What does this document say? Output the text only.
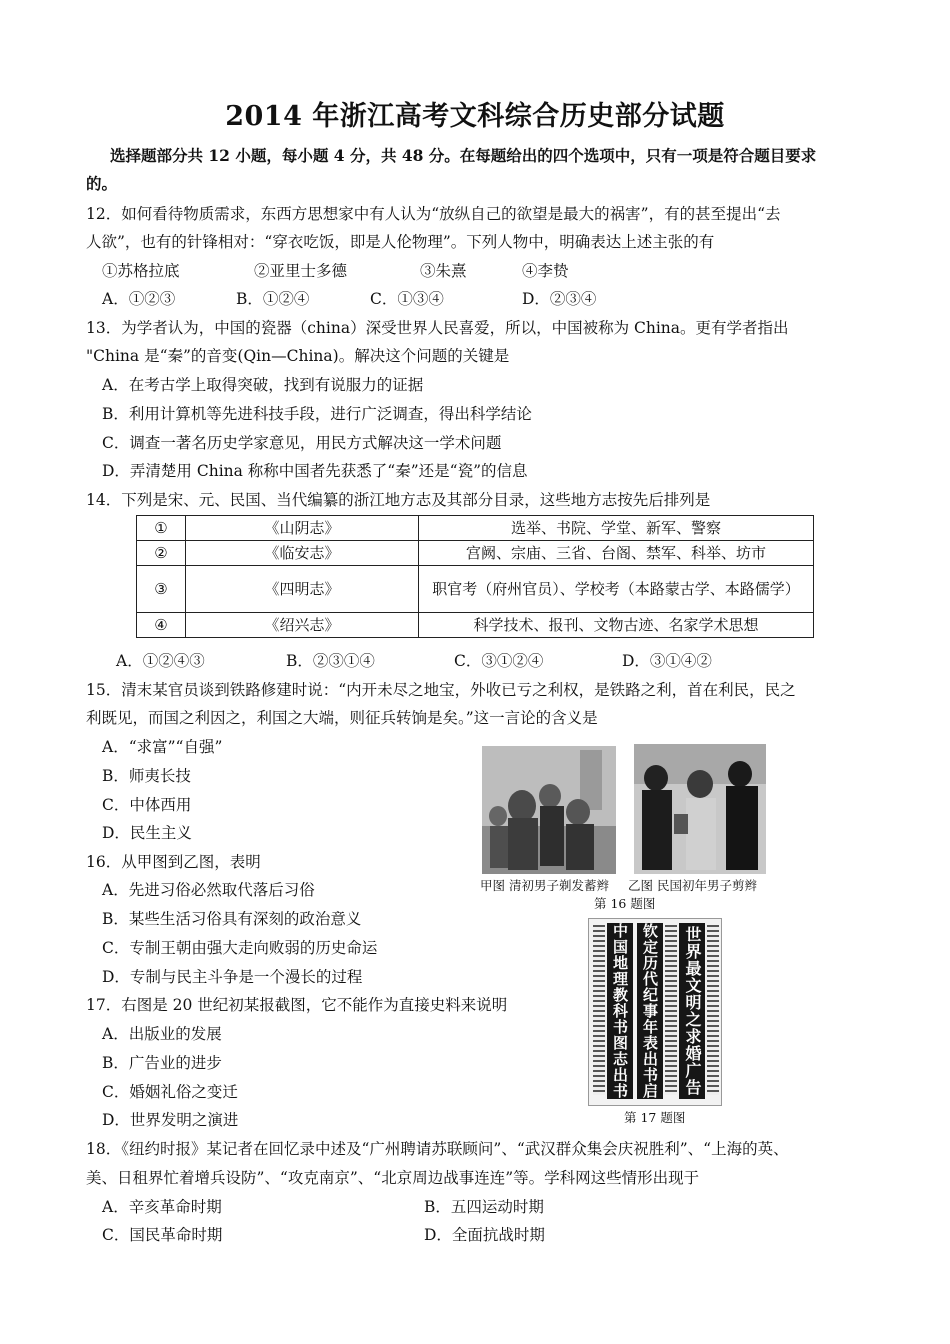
2014 年浙江高考文科综合历史部分试题
选择题部分共 12 小题，每小题 4 分，共 48 分。在每题给出的四个选项中，只有一项是符合题目要求
的。
12．如何看待物质需求，东西方思想家中有人认为“放纵自己的欲望是最大的祸害”，有的甚至提出“去
人欲”，也有的针锋相对：“穿衣吃饭，即是人伦物理”。下列人物中，明确表达上述主张的有
①苏格拉底	②亚里士多德	③朱熹	④李贽
A．①②③	B．①②④	C．①③④	D．②③④
13．为学者认为，中国的瓷器（china）深受世界人民喜爱，所以，中国被称为 China。更有学者指出
"China 是“秦”的音变(Qin—China)。解决这个问题的关键是
A．在考古学上取得突破，找到有说服力的证据
B．利用计算机等先进科技手段，进行广泛调查，得出科学结论
C．调查一著名历史学家意见，用民方式解决这一学术问题
D．弄清楚用 China 称称中国者先获悉了“秦”还是“瓷”的信息
14．下列是宋、元、民国、当代编纂的浙江地方志及其部分目录，这些地方志按先后排列是
①	《山阴志》	选举、书院、学堂、新军、警察
②	《临安志》	宫阙、宗庙、三省、台阁、禁军、科举、坊市
③	《四明志》	职官考（府州官员）、学校考（本路蒙古学、本路儒学）
④	《绍兴志》	科学技术、报刊、文物古迹、名家学术思想
A．①②④③	B．②③①④	C．③①②④	D．③①④②
15．清末某官员谈到铁路修建时说：“内开未尽之地宝，外收已亏之利权，是铁路之利，首在利民，民之
利既见，而国之利因之，利国之大端，则征兵转饷是矣。”这一言论的含义是
A．“求富”“自强”
B．师夷长技
C．中体西用
D．民生主义
16．从甲图到乙图，表明
A．先进习俗必然取代落后习俗
B．某些生活习俗具有深刻的政治意义
C．专制王朝由强大走向败弱的历史命运
D．专制与民主斗争是一个漫长的过程
甲图 清初男子剃发蓄辫 乙图 民国初年男子剪辫
第 16 题图
17．右图是 20 世纪初某报截图，它不能作为直接史料来说明
A．出版业的发展
B．广告业的进步
C．婚姻礼俗之变迁
D．世界发明之演进
中国地理教科书图志出书 钦定历代纪事年表出书启 世界最文明之求婚广告
第 17 题图
18．《纽约时报》某记者在回忆录中述及“广州聘请苏联顾问”、“武汉群众集会庆祝胜利”、“上海的英、
美、日租界忙着增兵设防”、“攻克南京”、“北京周边战事连连”等。学科网这些情形出现于
A．辛亥革命时期	B．五四运动时期
C．国民革命时期	D．全面抗战时期
